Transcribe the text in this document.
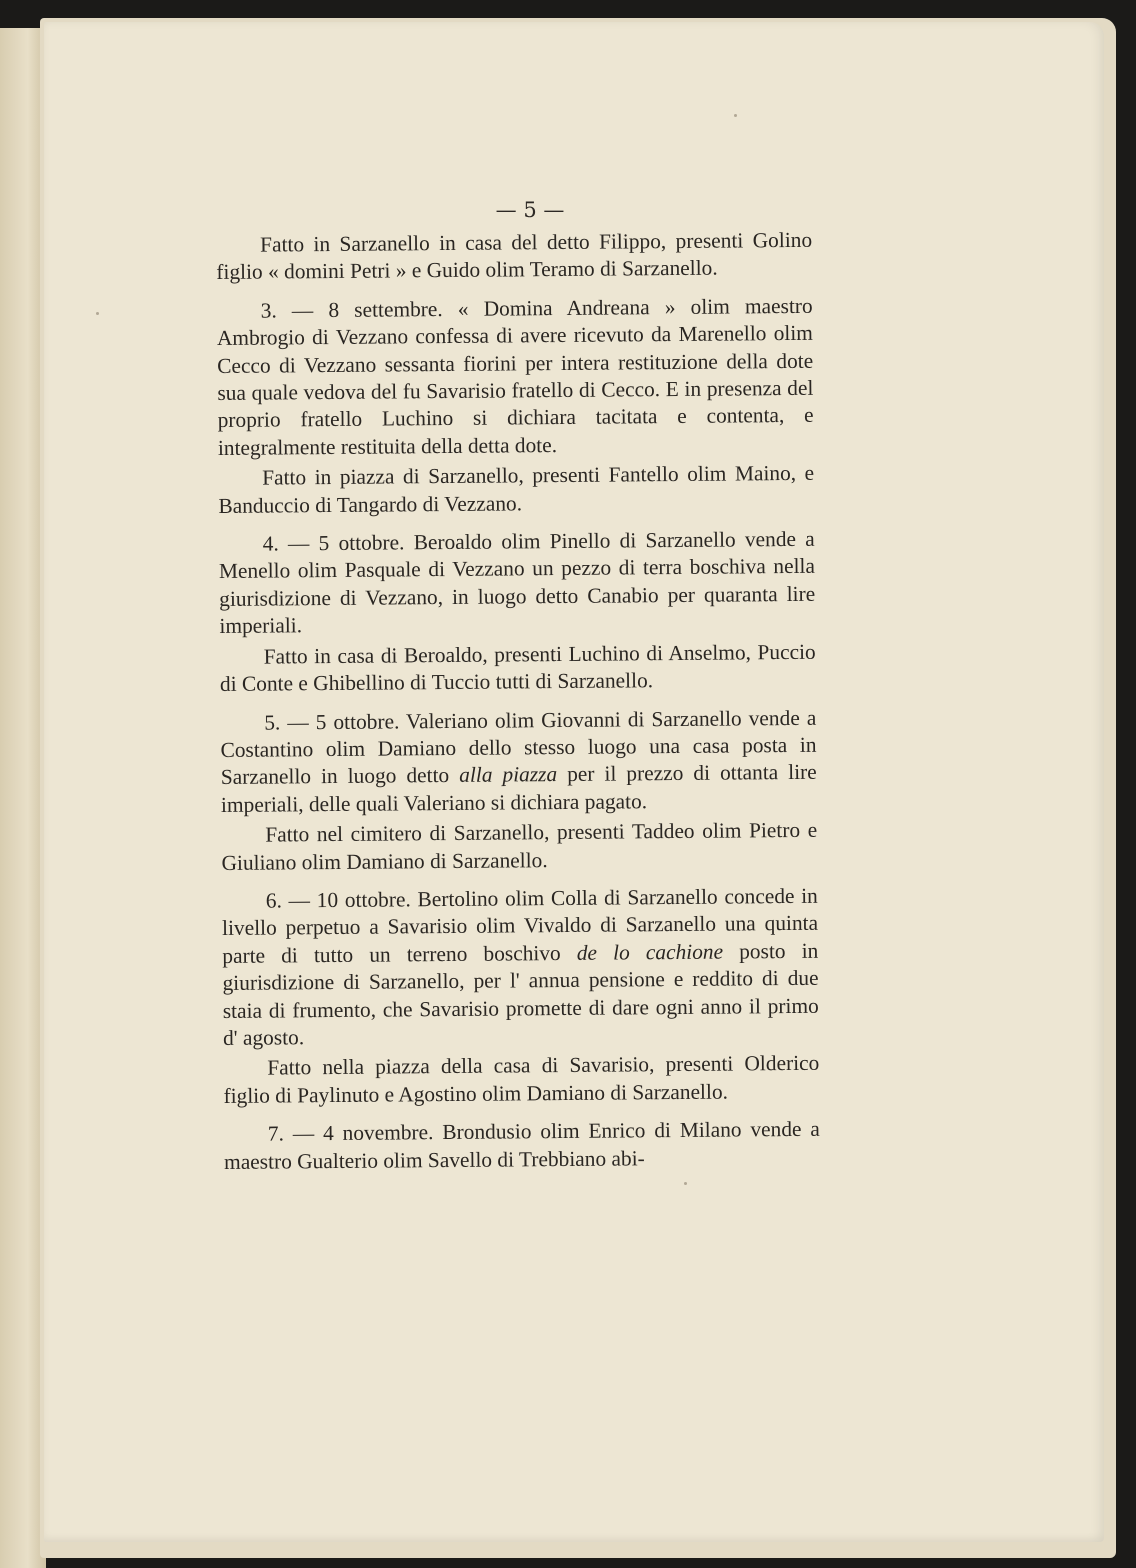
— 5 —

Fatto in Sarzanello in casa del detto Filippo, presenti Golino figlio « domini Petri » e Guido olim Teramo di Sarzanello.

3. — 8 settembre. « Domina Andreana » olim maestro Ambrogio di Vezzano confessa di avere ricevuto da Marenello olim Cecco di Vezzano sessanta fiorini per intera restituzione della dote sua quale vedova del fu Savarisio fratello di Cecco. E in presenza del proprio fratello Luchino si dichiara tacitata e contenta, e integralmente restituita della detta dote.

Fatto in piazza di Sarzanello, presenti Fantello olim Maino, e Banduccio di Tangardo di Vezzano.

4. — 5 ottobre. Beroaldo olim Pinello di Sarzanello vende a Menello olim Pasquale di Vezzano un pezzo di terra boschiva nella giurisdizione di Vezzano, in luogo detto Canabio per quaranta lire imperiali.

Fatto in casa di Beroaldo, presenti Luchino di Anselmo, Puccio di Conte e Ghibellino di Tuccio tutti di Sarzanello.

5. — 5 ottobre. Valeriano olim Giovanni di Sarzanello vende a Costantino olim Damiano dello stesso luogo una casa posta in Sarzanello in luogo detto alla piazza per il prezzo di ottanta lire imperiali, delle quali Valeriano si dichiara pagato.

Fatto nel cimitero di Sarzanello, presenti Taddeo olim Pietro e Giuliano olim Damiano di Sarzanello.

6. — 10 ottobre. Bertolino olim Colla di Sarzanello concede in livello perpetuo a Savarisio olim Vivaldo di Sarzanello una quinta parte di tutto un terreno boschivo de lo cachione posto in giurisdizione di Sarzanello, per l' annua pensione e reddito di due staia di frumento, che Savarisio promette di dare ogni anno il primo d' agosto.

Fatto nella piazza della casa di Savarisio, presenti Olderico figlio di Paylinuto e Agostino olim Damiano di Sarzanello.

7. — 4 novembre. Brondusio olim Enrico di Milano vende a maestro Gualterio olim Savello di Trebbiano abi-
